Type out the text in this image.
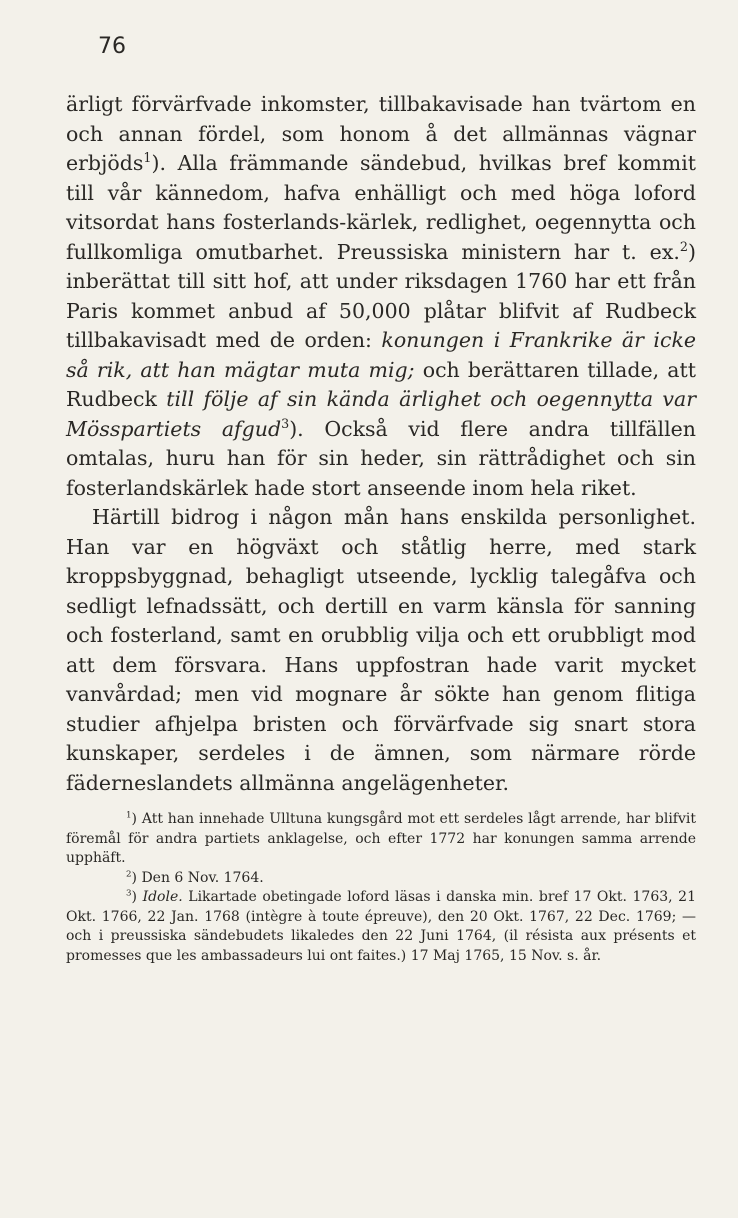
76

ärligt förvärfvade inkomster, tillbakavisade han tvärtom en och annan fördel, som honom å det allmännas vägnar erbjöds$^1$). Alla främmande sändebud, hvilkas bref kommit till vår kännedom, hafva enhälligt och med höga loford vitsordat hans fosterlands-kärlek, redlighet, oegennytta och fullkomliga omutbarhet. Preussiska ministern har t. ex.$^2$) inberättat till sitt hof, att under riksdagen 1760 har ett från Paris kommet anbud af 50,000 plåtar blifvit af Rudbeck tillbakavisadt med de orden: konungen i Frankrike är icke så rik, att han mägtar muta mig; och berättaren tillade, att Rudbeck till följe af sin kända ärlighet och oegennytta var Mösspartiets afgud$^3$). Också vid flere andra tillfällen omtalas, huru han för sin heder, sin rättrådighet och sin fosterlandskärlek hade stort anseende inom hela riket.

Härtill bidrog i någon mån hans enskilda personlighet. Han var en högväxt och ståtlig herre, med stark kroppsbyggnad, behagligt utseende, lycklig talegåfva och sedligt lefnadssätt, och dertill en varm känsla för sanning och fosterland, samt en orubblig vilja och ett orubbligt mod att dem försvara. Hans uppfostran hade varit mycket vanvårdad; men vid mognare år sökte han genom flitiga studier afhjelpa bristen och förvärfvade sig snart stora kunskaper, serdeles i de ämnen, som närmare rörde fäderneslandets allmänna angelägenheter.

$^1$) Att han innehade Ulltuna kungsgård mot ett serdeles lågt arrende, har blifvit föremål för andra partiets anklagelse, och efter 1772 har konungen samma arrende upphäft.

$^2$) Den 6 Nov. 1764.

$^3$) Idole. Likartade obetingade loford läsas i danska min. bref 17 Okt. 1763, 21 Okt. 1766, 22 Jan. 1768 (intègre à toute épreuve), den 20 Okt. 1767, 22 Dec. 1769; — och i preussiska sändebudets likaledes den 22 Juni 1764, (il résista aux présents et promesses que les ambassadeurs lui ont faites.) 17 Maj 1765, 15 Nov. s. år.
